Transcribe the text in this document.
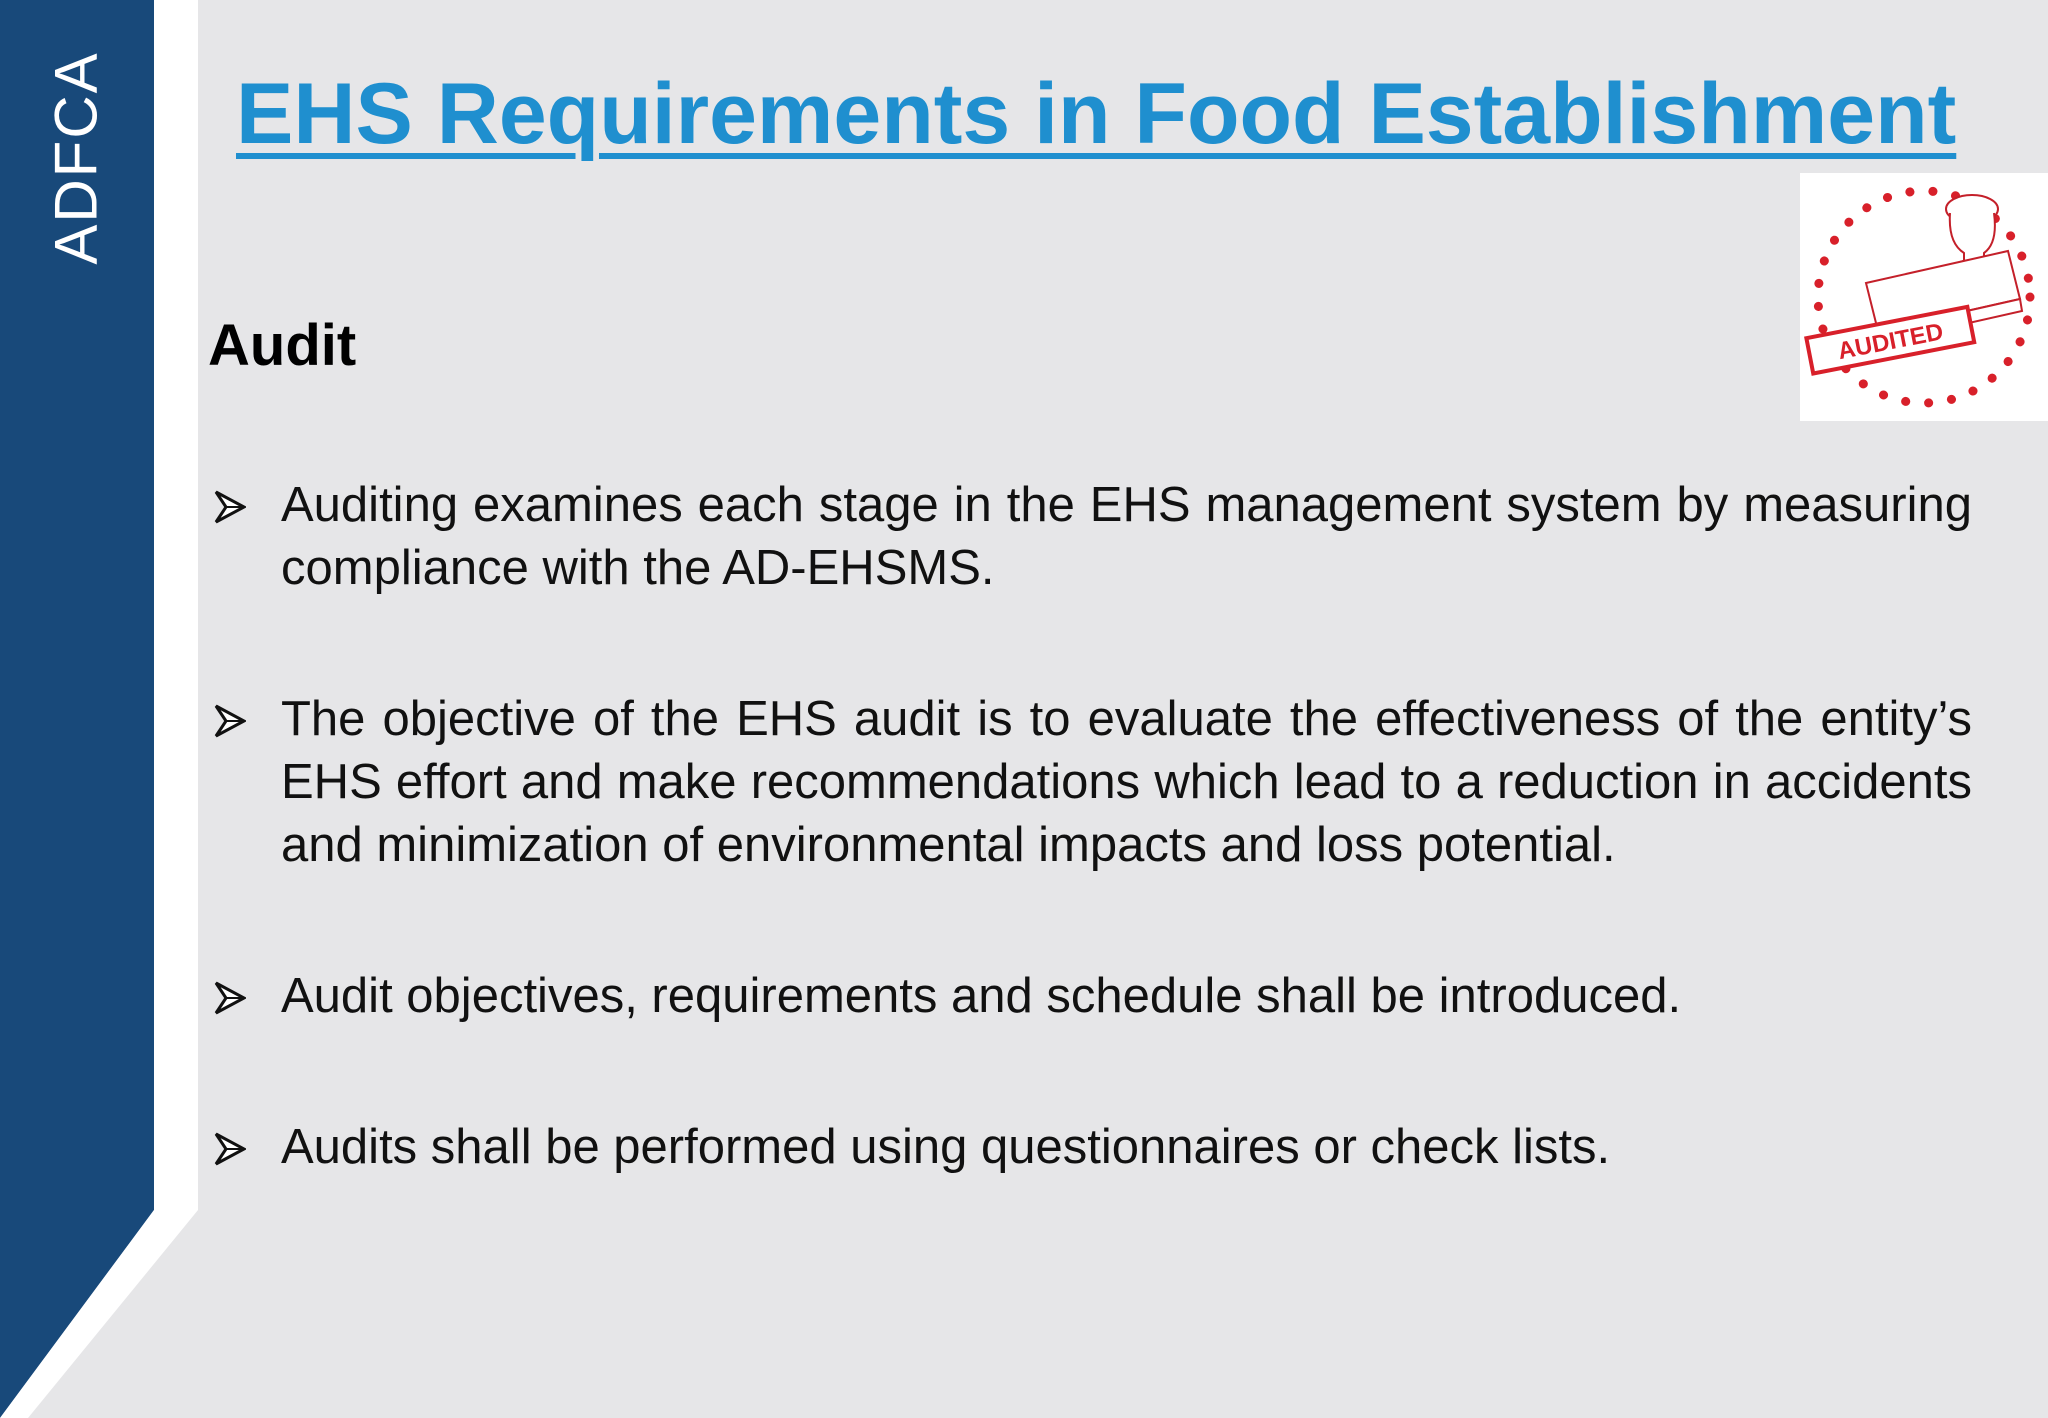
ADFCA EHS Requirements in Food Establishment
Audit	AUDITED
Auditing examines each stage in the EHS management system by measuring compliance with the AD-EHSMS.
The objective of the EHS audit is to evaluate the effectiveness of the entity’s EHS effort and make recommendations which lead to a reduction in accidents and minimization of environmental impacts and loss potential.
Audit objectives, requirements and schedule shall be introduced.
Audits shall be performed using questionnaires or check lists.
